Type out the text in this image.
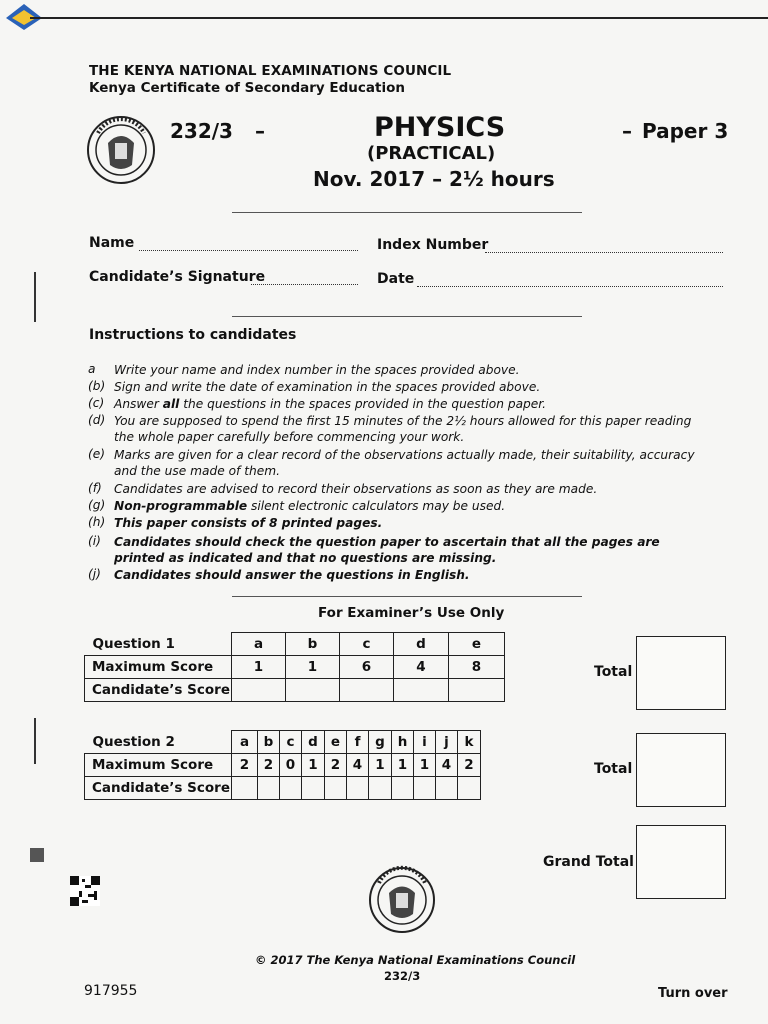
THE KENYA NATIONAL EXAMINATIONS COUNCIL
Kenya Certificate of Secondary Education
232/3 –	PHYSICS
(PRACTICAL)
Nov. 2017 – 2½ hours
– Paper 3
Name	Index Number
Candidate’s Signature	Date
Instructions to candidates
a	Write your name and index number in the spaces provided above.
(b) Sign and write the date of examination in the spaces provided above.
(c) Answer all the questions in the spaces provided in the question paper.
(d) You are supposed to spend the first 15 minutes of the 2½ hours allowed for this paper reading the whole paper carefully before commencing your work.
(e) Marks are given for a clear record of the observations actually made, their suitability, accuracy and the use made of them.
(f) Candidates are advised to record their observations as soon as they are made.
(g) Non-programmable silent electronic calculators may be used.
(h) This paper consists of 8 printed pages.
(i)	Candidates should check the question paper to ascertain that all the pages are printed as indicated and that no questions are missing.
(j)	Candidates should answer the questions in English.
For Examiner’s Use Only
Question 1	a	b	c	d	e
Maximum Score	1	1	6	4	8
Candidate’s Score					
Total
Question 2	a	b	c	d	e	f	g	h	i	j	k
Maximum Score	2	2	0	1	2	4	1	1	1	4	2
Candidate’s Score											
Total
Grand Total
© 2017 The Kenya National Examinations Council
232/3
917955	Turn over
